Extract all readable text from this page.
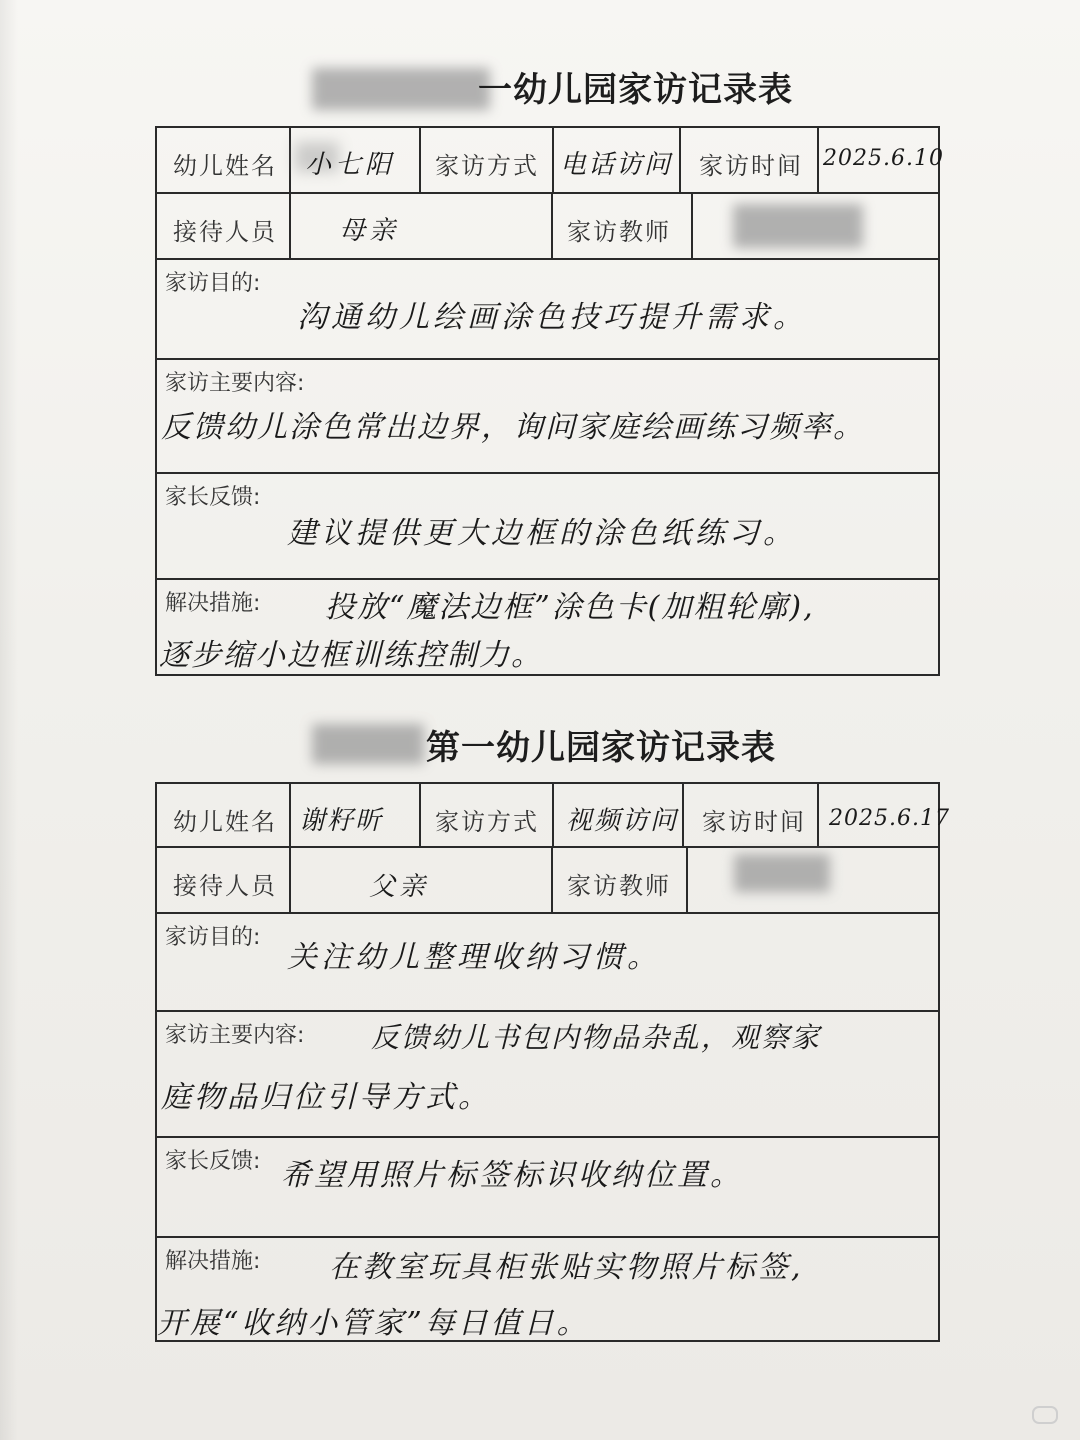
一幼儿园家访记录表
幼儿姓名 小七阳 家访方式 电话访问 家访时间 2025.6.10
接待人员 母亲	家访教师
家访目的:
沟通幼儿绘画涂色技巧提升需求。
家访主要内容:
反馈幼儿涂色常出边界，询问家庭绘画练习频率。
家长反馈:
建议提供更大边框的涂色纸练习。
解决措施: 投放“魔法边框”涂色卡(加粗轮廓),
逐步缩小边框训练控制力。
第一幼儿园家访记录表
幼儿姓名 谢籽昕 家访方式 视频访问 家访时间 2025.6.17
接待人员	父亲	家访教师
家访目的:
关注幼儿整理收纳习惯。
家访主要内容: 反馈幼儿书包内物品杂乱，观察家
庭物品归位引导方式。
家长反馈: 希望用照片标签标识收纳位置。
解决措施: 在教室玩具柜张贴实物照片标签,
开展“收纳小管家”每日值日。
